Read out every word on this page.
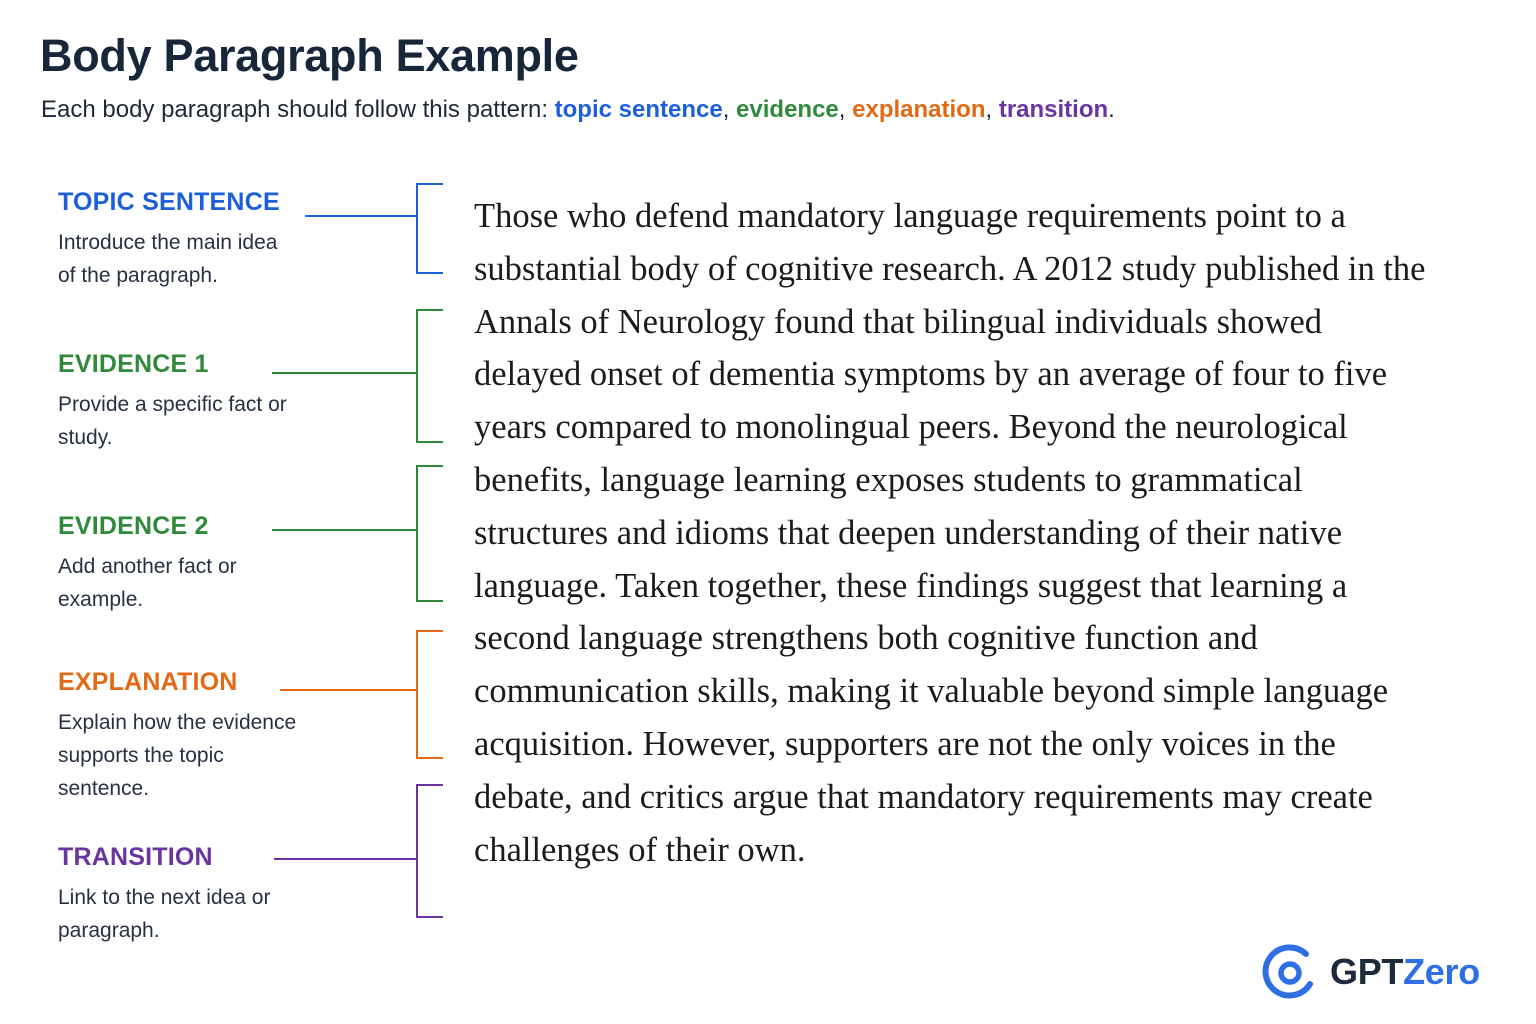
Body Paragraph Example

Each body paragraph should follow this pattern: topic sentence, evidence, explanation, transition.

TOPIC SENTENCE
Introduce the main idea of the paragraph.
EVIDENCE 1
Provide a specific fact or study.
EVIDENCE 2
Add another fact or example.
EXPLANATION
Explain how the evidence supports the topic sentence.
TRANSITION
Link to the next idea or paragraph.

Those who defend mandatory language requirements point to a substantial body of cognitive research. A 2012 study published in the Annals of Neurology found that bilingual individuals showed delayed onset of dementia symptoms by an average of four to five years compared to monolingual peers. Beyond the neurological benefits, language learning exposes students to grammatical structures and idioms that deepen understanding of their native language. Taken together, these findings suggest that learning a second language strengthens both cognitive function and communication skills, making it valuable beyond simple language acquisition. However, supporters are not the only voices in the debate, and critics argue that mandatory requirements may create challenges of their own.

GPTZero
